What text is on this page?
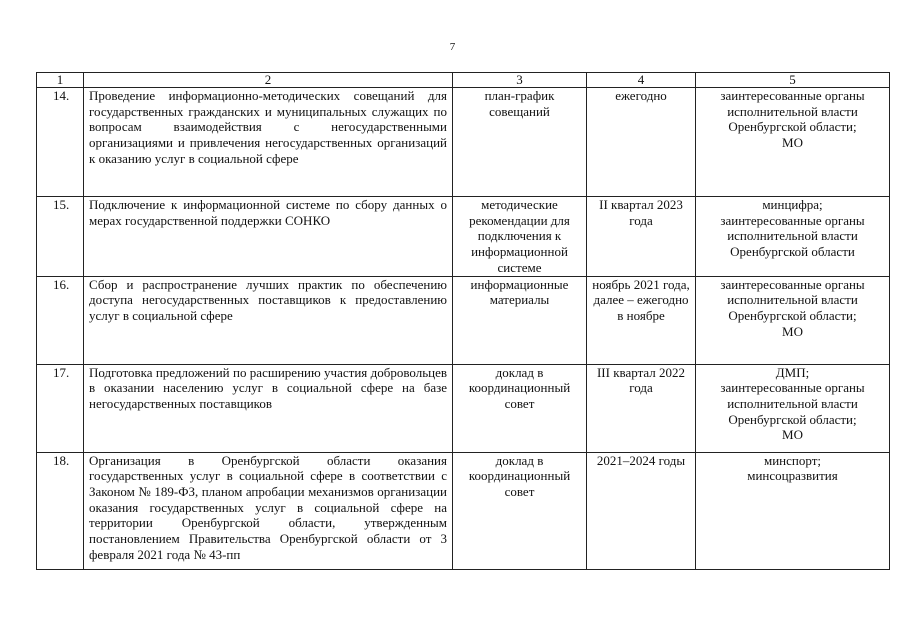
7
1	2	3	4	5
14.	Проведение информационно-методических совещаний для государственных гражданских и муниципальных служащих по вопросам взаимодействия с негосударственными организациями и привлечения негосударственных организаций к оказанию услуг в социальной сфере	план-график совещаний	ежегодно	заинтересованные органы исполнительной власти Оренбургской области;
МО

15.	Подключение к информационной системе по сбору данных о мерах государственной поддержки СОНКО	методические рекомендации для подключения к информационной системе	II квартал 2023 года	минцифра;
заинтересованные органы исполнительной власти Оренбургской области

16.	Сбор и распространение лучших практик по обеспечению доступа негосударственных поставщиков к предоставлению услуг в социальной сфере	информационные материалы	ноябрь 2021 года, далее – ежегодно в ноябре	заинтересованные органы исполнительной власти Оренбургской области;
МО

17.	Подготовка предложений по расширению участия добровольцев в оказании населению услуг в социальной сфере на базе негосударственных поставщиков	доклад в координационный совет	III квартал 2022 года	ДМП;
заинтересованные органы исполнительной власти Оренбургской области;
МО

18.	Организация в Оренбургской области оказания государственных услуг в социальной сфере в соответствии с Законом № 189-ФЗ, планом апробации механизмов организации оказания государственных услуг в социальной сфере на территории Оренбургской области, утвержденным постановлением Правительства Оренбургской области от 3 февраля 2021 года № 43-пп	доклад в координационный совет	2021–2024 годы	минспорт;
минсоцразвития
